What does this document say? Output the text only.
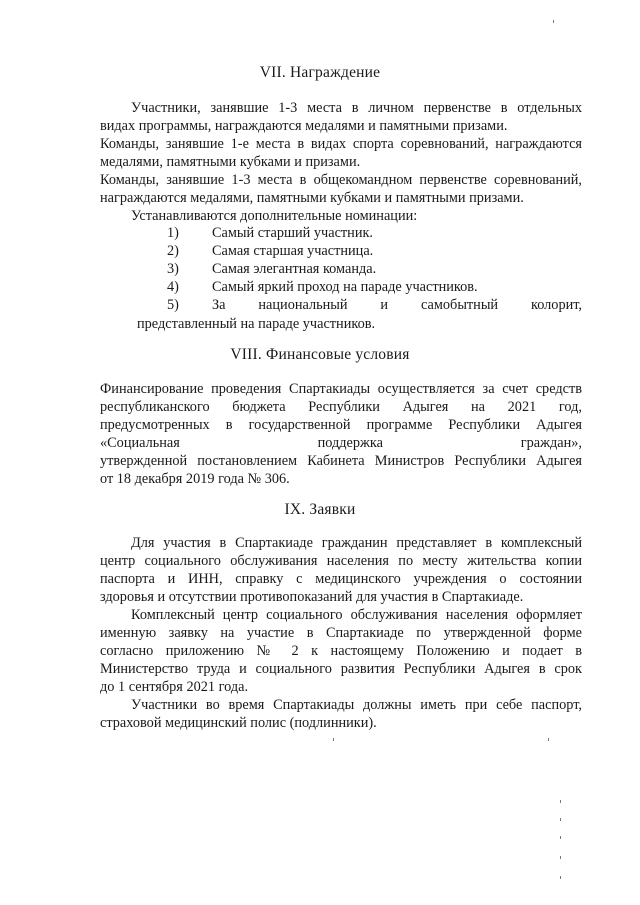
VII. Награждение
Участники, занявшие 1-3 места в личном первенстве в отдельных
видах программы, награждаются медалями и памятными призами.
Команды, занявшие 1-е места в видах спорта соревнований, награждаются
медалями, памятными кубками и призами.
Команды, занявшие 1-3 места в общекомандном первенстве соревнований,
награждаются медалями, памятными кубками и памятными призами.
Устанавливаются дополнительные номинации:
1) Самый старший участник.
2) Самая старшая участница.
3) Самая элегантная команда.
4) Самый яркий проход на параде участников.
5) За национальный и самобытный колорит,
представленный на параде участников.
VIII. Финансовые условия
Финансирование проведения Спартакиады осуществляется за счет средств
республиканского бюджета Республики Адыгея на 2021 год,
предусмотренных в государственной программе Республики Адыгея
«Социальная поддержка граждан»,
утвержденной постановлением Кабинета Министров Республики Адыгея
от 18 декабря 2019 года № 306.
IX. Заявки
Для участия в Спартакиаде гражданин представляет в комплексный
центр социального обслуживания населения по месту жительства копии
паспорта и ИНН, справку с медицинского учреждения о состоянии
здоровья и отсутствии противопоказаний для участия в Спартакиаде.
Комплексный центр социального обслуживания населения оформляет
именную заявку на участие в Спартакиаде по утвержденной форме
согласно приложению № 2 к настоящему Положению и подает в
Министерство труда и социального развития Республики Адыгея в срок
до 1 сентября 2021 года.
Участники во время Спартакиады должны иметь при себе паспорт,
страховой медицинский полис (подлинники).
